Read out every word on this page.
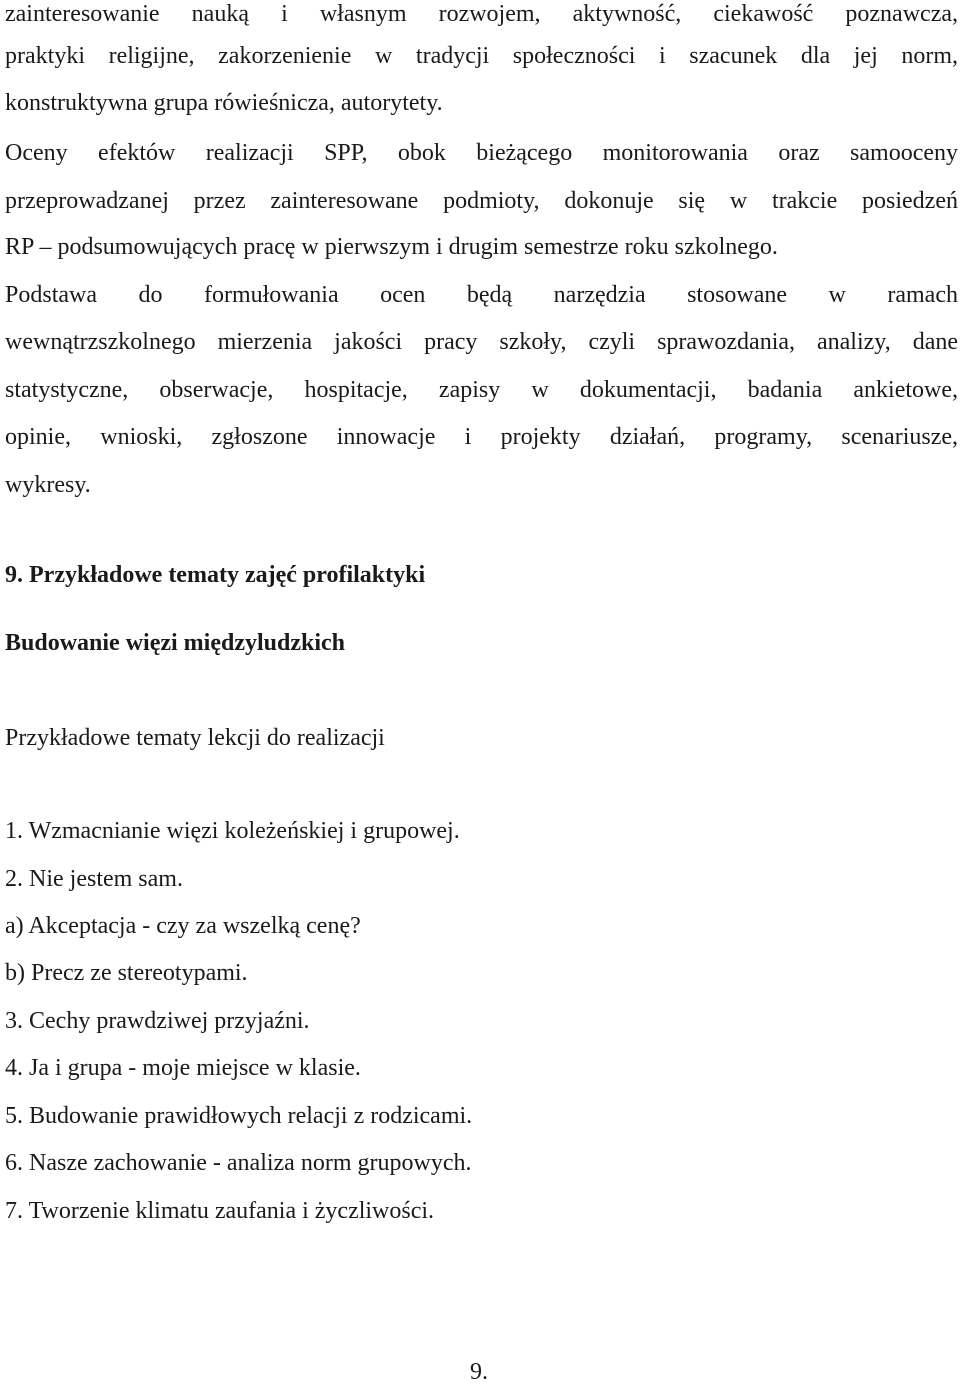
zainteresowanie nauką i własnym rozwojem, aktywność, ciekawość poznawcza,
praktyki religijne, zakorzenienie w tradycji społeczności i szacunek dla jej norm,
konstruktywna grupa rówieśnicza, autorytety.
Oceny efektów realizacji SPP, obok bieżącego monitorowania oraz samooceny
przeprowadzanej przez zainteresowane podmioty, dokonuje się w trakcie posiedzeń
RP – podsumowujących pracę w pierwszym i drugim semestrze roku szkolnego.
Podstawa do formułowania ocen będą narzędzia stosowane w ramach
wewnątrzszkolnego mierzenia jakości pracy szkoły, czyli sprawozdania, analizy, dane
statystyczne, obserwacje, hospitacje, zapisy w dokumentacji, badania ankietowe,
opinie, wnioski, zgłoszone innowacje i projekty działań, programy, scenariusze,
wykresy.
9. Przykładowe tematy zajęć profilaktyki
Budowanie więzi międzyludzkich
Przykładowe tematy lekcji do realizacji
1. Wzmacnianie więzi koleżeńskiej i grupowej.
2. Nie jestem sam.
a) Akceptacja - czy za wszelką cenę?
b) Precz ze stereotypami.
3. Cechy prawdziwej przyjaźni.
4. Ja i grupa - moje miejsce w klasie.
5. Budowanie prawidłowych relacji z rodzicami.
6. Nasze zachowanie - analiza norm grupowych.
7. Tworzenie klimatu zaufania i życzliwości.
9.
